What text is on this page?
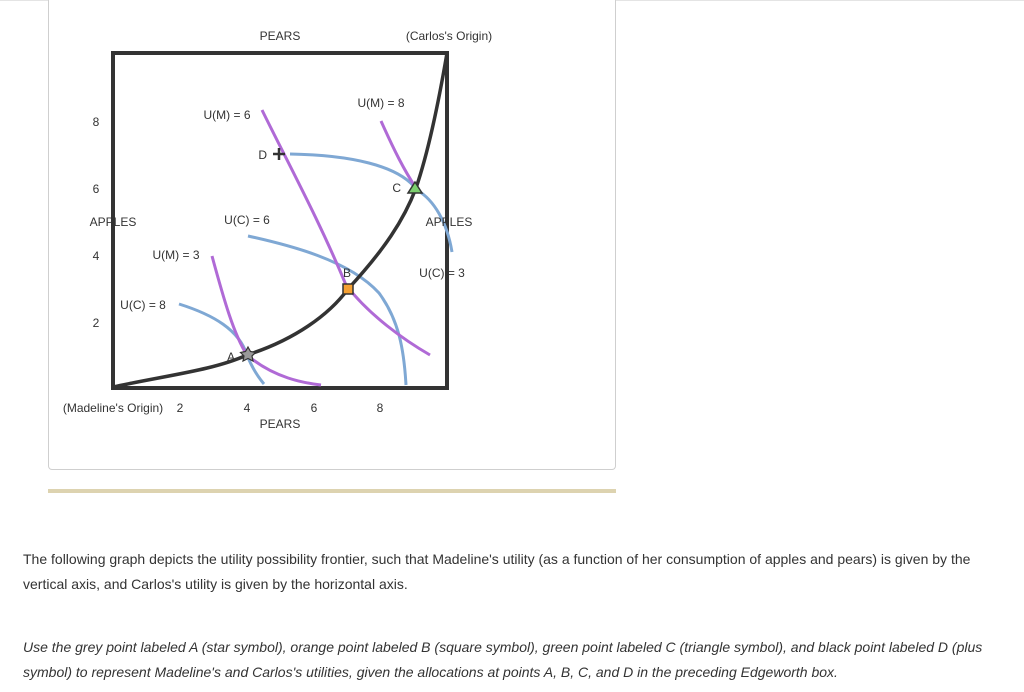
PEARS	(Carlos's Origin)
APPLES	APPLES
(Madeline's Origin)
PEARS
2	4	6	8
8
6
4
2
U(M) = 6
U(M) = 8
U(C) = 6
U(M) = 3
U(C) = 8
U(C) = 3
D
C
B
A

The following graph depicts the utility possibility frontier, such that Madeline's utility (as a function of her consumption of apples and pears) is given by the vertical axis, and Carlos's utility is given by the horizontal axis.

Use the grey point labeled A (star symbol), orange point labeled B (square symbol), green point labeled C (triangle symbol), and black point labeled D (plus symbol) to represent Madeline's and Carlos's utilities, given the allocations at points A, B, C, and D in the preceding Edgeworth box.
